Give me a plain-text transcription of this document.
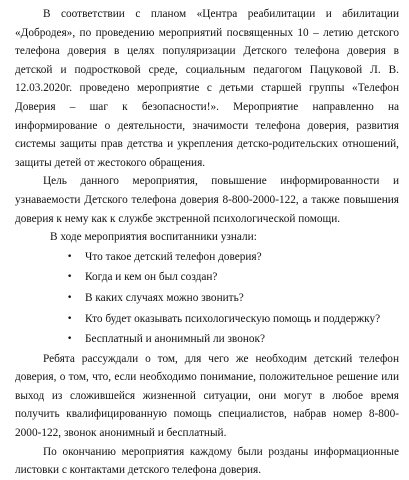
В соответствии с планом «Центра реабилитации и абилитации «Добродея», по проведению мероприятий посвященных 10 – летию детского телефона доверия в целях популяризации Детского телефона доверия в детской и подростковой среде, социальным педагогом Пацуковой Л. В. 12.03.2020г. проведено мероприятие с детьми старшей группы «Телефон Доверия – шаг к безопасности!». Мероприятие направленно на информирование о деятельности, значимости телефона доверия, развития системы защиты прав детства и укрепления детско-родительских отношений, защиты детей от жестокого обращения.

Цель данного мероприятия, повышение информированности и узнаваемости Детского телефона доверия 8-800-2000-122, а также повышения доверия к нему как к службе экстренной психологической помощи.

В ходе мероприятия воспитанники узнали:

• Что такое детский телефон доверия?
• Когда и кем он был создан?
• В каких случаях можно звонить?
• Кто будет оказывать психологическую помощь и поддержку?
• Бесплатный и анонимный ли звонок?

Ребята рассуждали о том, для чего же необходим детский телефон доверия, о том, что, если необходимо понимание, положительное решение или выход из сложившейся жизненной ситуации, они могут в любое время получить квалифицированную помощь специалистов, набрав номер 8-800-2000-122, звонок анонимный и бесплатный.

По окончанию мероприятия каждому были розданы информационные листовки с контактами детского телефона доверия.
